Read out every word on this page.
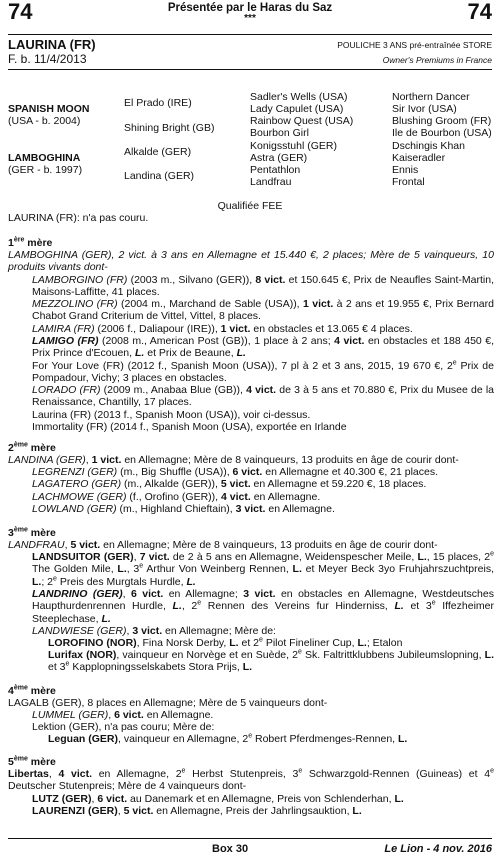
74	74
Présentée par le Haras du Saz
***
LAURINA (FR)
F. b. 11/4/2013
POULICHE 3 ANS pré-entraînée STORE
Owner's Premiums in France
SPANISH MOON
(USA - b. 2004)
LAMBOGHINA
(GER - b. 1997)
El Prado (IRE)
Shining Bright (GB)
Alkalde (GER)
Landina (GER)
Sadler's Wells (USA)
Lady Capulet (USA)
Rainbow Quest (USA)
Bourbon Girl
Konigsstuhl (GER)
Astra (GER)
Pentathlon
Landfrau
Northern Dancer
Sir Ivor (USA)
Blushing Groom (FR)
Ile de Bourbon (USA)
Dschingis Khan
Kaiseradler
Ennis
Frontal
Qualifiée FEE
LAURINA (FR): n'a pas couru.
1ère mère
LAMBOGHINA (GER), 2 vict. à 3 ans en Allemagne et 15.440 €, 2 places; Mère de 5 vainqueurs, 10 produits vivants dont-
LAMBORGINO (FR) (2003 m., Silvano (GER)), 8 vict. et 150.645 €, Prix de Neaufles Saint-Martin, Maisons-Laffitte, 41 places.
MEZZOLINO (FR) (2004 m., Marchand de Sable (USA)), 1 vict. à 2 ans et 19.955 €, Prix Bernard Chabot Grand Criterium de Vittel, Vittel, 8 places.
LAMIRA (FR) (2006 f., Daliapour (IRE)), 1 vict. en obstacles et 13.065 € 4 places.
LAMIGO (FR) (2008 m., American Post (GB)), 1 place à 2 ans; 4 vict. en obstacles et 188 450 €, Prix Prince d'Ecouen, L. et Prix de Beaune, L.
For Your Love (FR) (2012 f., Spanish Moon (USA)), 7 pl à 2 et 3 ans, 2015, 19 670 €, 2e Prix de Pompadour, Vichy; 3 places en obstacles.
LORADO (FR) (2009 m., Anabaa Blue (GB)), 4 vict. de 3 à 5 ans et 70.880 €, Prix du Musee de la Renaissance, Chantilly, 17 places.
Laurina (FR) (2013 f., Spanish Moon (USA)), voir ci-dessus.
Immortality (FR) (2014 f., Spanish Moon (USA), exportée en Irlande
2ème mère
LANDINA (GER), 1 vict. en Allemagne; Mère de 8 vainqueurs, 13 produits en âge de courir dont-
LEGRENZI (GER) (m., Big Shuffle (USA)), 6 vict. en Allemagne et 40.300 €, 21 places.
LAGATERO (GER) (m., Alkalde (GER)), 5 vict. en Allemagne et 59.220 €, 18 places.
LACHMOWE (GER) (f., Orofino (GER)), 4 vict. en Allemagne.
LOWLAND (GER) (m., Highland Chieftain), 3 vict. en Allemagne.
3ème mère
LANDFRAU, 5 vict. en Allemagne; Mère de 8 vainqueurs, 13 produits en âge de courir dont-
LANDSUITOR (GER), 7 vict. de 2 à 5 ans en Allemagne, Weidenspescher Meile, L., 15 places, 2e The Golden Mile, L., 3e Arthur Von Weinberg Rennen, L. et Meyer Beck 3yo Fruhjahrszuchtpreis, L.; 2e Preis des Murgtals Hurdle, L.
LANDRINO (GER), 6 vict. en Allemagne; 3 vict. en obstacles en Allemagne, Westdeutsches Haupthurdenrennen Hurdle, L., 2e Rennen des Vereins fur Hinderniss, L. et 3e Iffezheimer Steeplechase, L.
LANDWIESE (GER), 3 vict. en Allemagne; Mère de:
LOROFINO (NOR), Fina Norsk Derby, L. et 2e Pilot Fineliner Cup, L.; Etalon
Lurifax (NOR), vainqueur en Norvège et en Suède, 2e Sk. Faltrittklubbens Jubileumslopning, L. et 3e Kapplopningsselskabets Stora Prijs, L.
4ème mère
LAGALB (GER), 8 places en Allemagne; Mère de 5 vainqueurs dont-
LUMMEL (GER), 6 vict. en Allemagne.
Lektion (GER), n'a pas couru; Mère de:
Leguan (GER), vainqueur en Allemagne, 2e Robert Pferdmenges-Rennen, L.
5ème mère
Libertas, 4 vict. en Allemagne, 2e Herbst Stutenpreis, 3e Schwarzgold-Rennen (Guineas) et 4e Deutscher Stutenpreis; Mère de 4 vainqueurs dont-
LUTZ (GER), 6 vict. au Danemark et en Allemagne, Preis von Schlenderhan, L.
LAURENZI (GER), 5 vict. en Allemagne, Preis der Jahrlingsauktion, L.
Box 30	Le Lion - 4 nov. 2016
